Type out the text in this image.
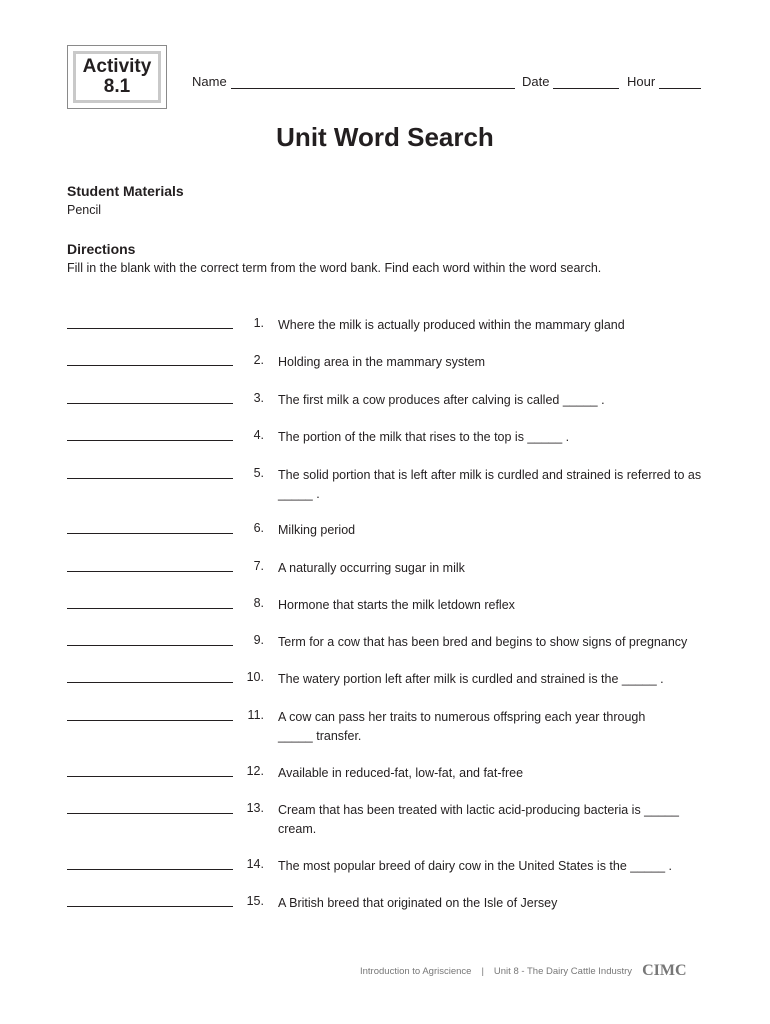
Activity
8.1	Name	Date	Hour
Unit Word Search
Student Materials
Pencil
Directions
Fill in the blank with the correct term from the word bank. Find each word within the word search.
1. Where the milk is actually produced within the mammary gland
2. Holding area in the mammary system
3. The first milk a cow produces after calving is called _____ .
4. The portion of the milk that rises to the top is _____ .
5. The solid portion that is left after milk is curdled and strained is referred to as _____ .
6. Milking period
7. A naturally occurring sugar in milk
8. Hormone that starts the milk letdown reflex
9. Term for a cow that has been bred and begins to show signs of pregnancy
10. The watery portion left after milk is curdled and strained is the _____ .
11. A cow can pass her traits to numerous offspring each year through _____ transfer.
12. Available in reduced-fat, low-fat, and fat-free
13. Cream that has been treated with lactic acid-producing bacteria is _____ cream.
14. The most popular breed of dairy cow in the United States is the _____ .
15. A British breed that originated on the Isle of Jersey
Introduction to Agriscience | Unit 8 - The Dairy Cattle Industry CIMC
